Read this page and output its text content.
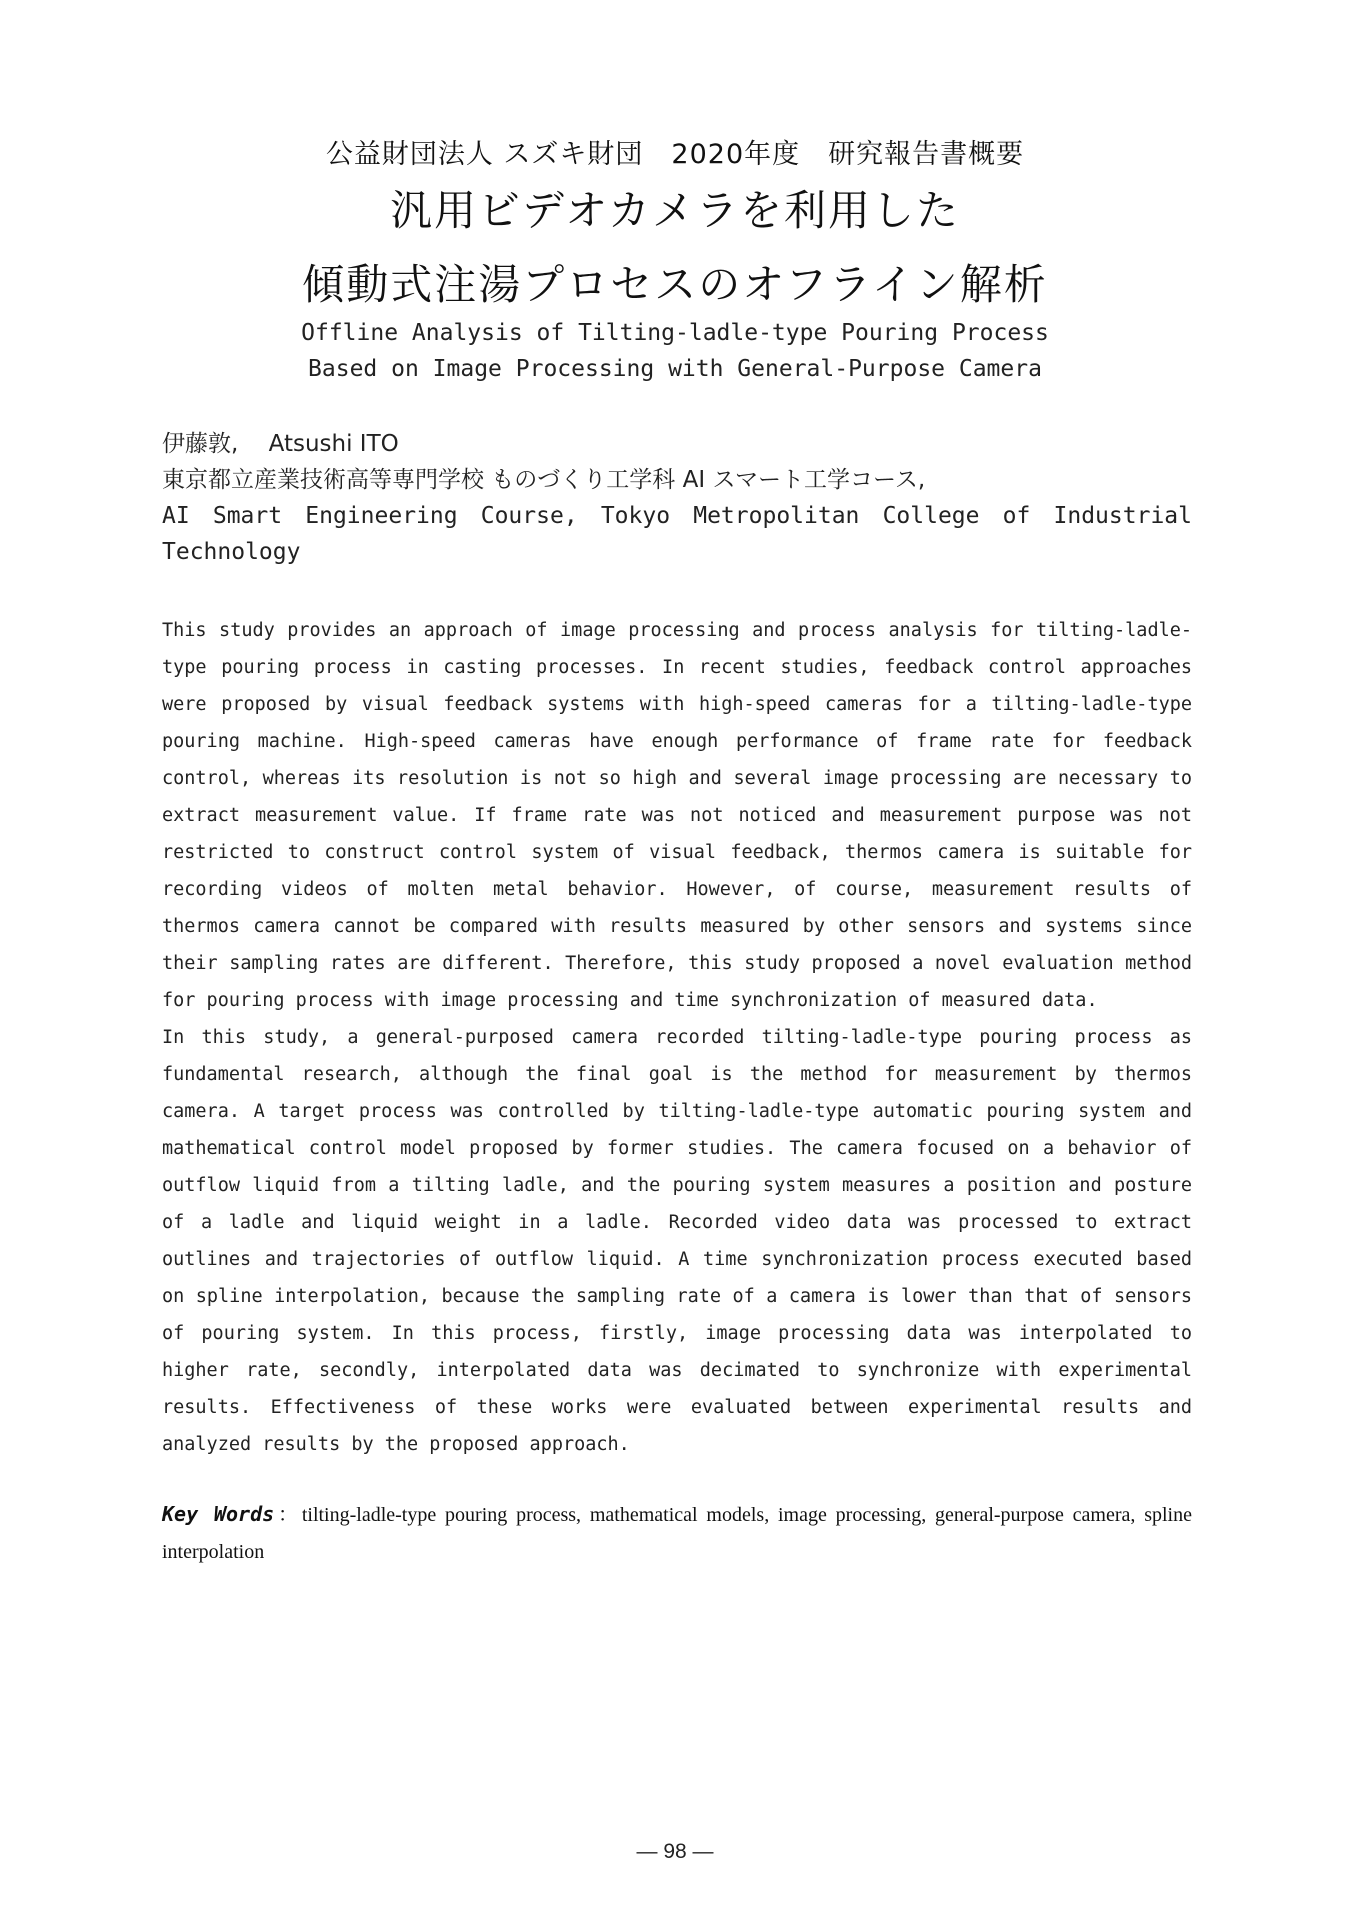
公益財団法人 スズキ財団　2020年度　研究報告書概要
汎用ビデオカメラを利用した
傾動式注湯プロセスのオフライン解析
Offline Analysis of Tilting-ladle-type Pouring Process
Based on Image Processing with General-Purpose Camera
伊藤敦,　 Atsushi ITO
東京都立産業技術高等専門学校 ものづくり工学科 AI スマート工学コース,
AI Smart Engineering Course, Tokyo Metropolitan College of Industrial
Technology

This study provides an approach of image processing and process analysis for tilting-ladle-type pouring process in casting processes. In recent studies, feedback control approaches were proposed by visual feedback systems with high-speed cameras for a tilting-ladle-type pouring machine. High-speed cameras have enough performance of frame rate for feedback control, whereas its resolution is not so high and several image processing are necessary to extract measurement value. If frame rate was not noticed and measurement purpose was not restricted to construct control system of visual feedback, thermos camera is suitable for recording videos of molten metal behavior. However, of course, measurement results of thermos camera cannot be compared with results measured by other sensors and systems since their sampling rates are different. Therefore, this study proposed a novel evaluation method for pouring process with image processing and time synchronization of measured data.

In this study, a general-purposed camera recorded tilting-ladle-type pouring process as fundamental research, although the final goal is the method for measurement by thermos camera. A target process was controlled by tilting-ladle-type automatic pouring system and mathematical control model proposed by former studies. The camera focused on a behavior of outflow liquid from a tilting ladle, and the pouring system measures a position and posture of a ladle and liquid weight in a ladle. Recorded video data was processed to extract outlines and trajectories of outflow liquid. A time synchronization process executed based on spline interpolation, because the sampling rate of a camera is lower than that of sensors of pouring system. In this process, firstly, image processing data was interpolated to higher rate, secondly, interpolated data was decimated to synchronize with experimental results. Effectiveness of these works were evaluated between experimental results and analyzed results by the proposed approach.

Key Words：tilting-ladle-type pouring process, mathematical models, image processing, general-purpose camera, spline interpolation
— 98 —
